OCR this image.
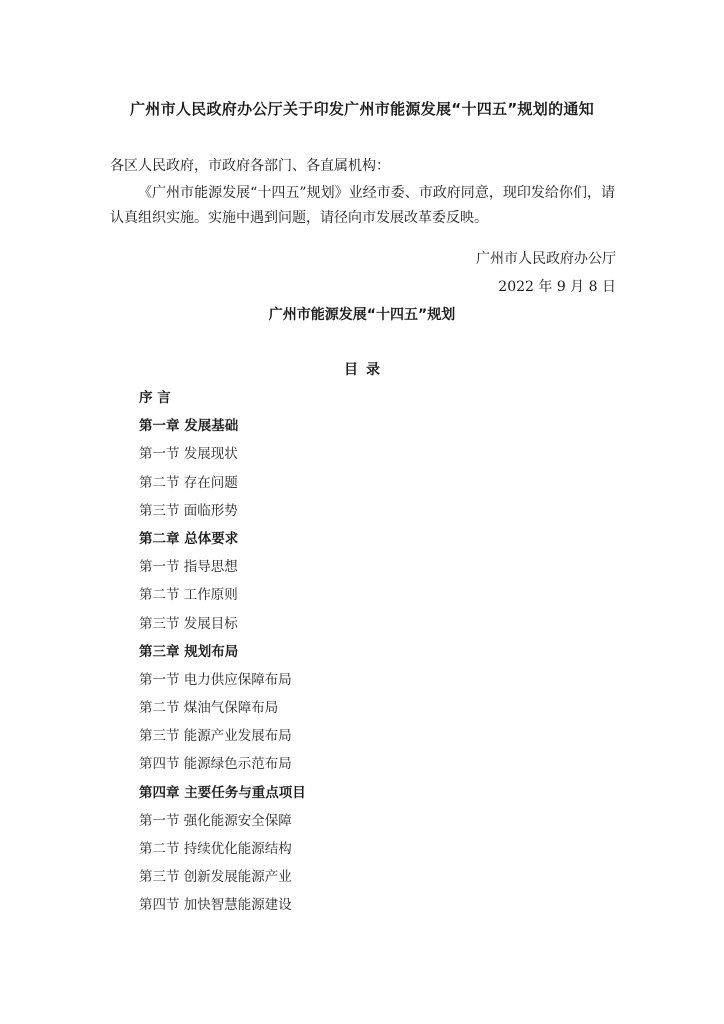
广州市人民政府办公厅关于印发广州市能源发展“十四五”规划的通知

各区人民政府，市政府各部门、各直属机构：

《广州市能源发展“十四五”规划》业经市委、市政府同意，现印发给你们，请认真组织实施。实施中遇到问题，请径向市发展改革委反映。

广州市人民政府办公厅

2022 年 9 月 8 日

广州市能源发展“十四五”规划
目录
序 言
第一章 发展基础
第一节 发展现状
第二节 存在问题
第三节 面临形势
第二章 总体要求
第一节 指导思想
第二节 工作原则
第三节 发展目标
第三章 规划布局
第一节 电力供应保障布局
第二节 煤油气保障布局
第三节 能源产业发展布局
第四节 能源绿色示范布局
第四章 主要任务与重点项目
第一节 强化能源安全保障
第二节 持续优化能源结构
第三节 创新发展能源产业
第四节 加快智慧能源建设
